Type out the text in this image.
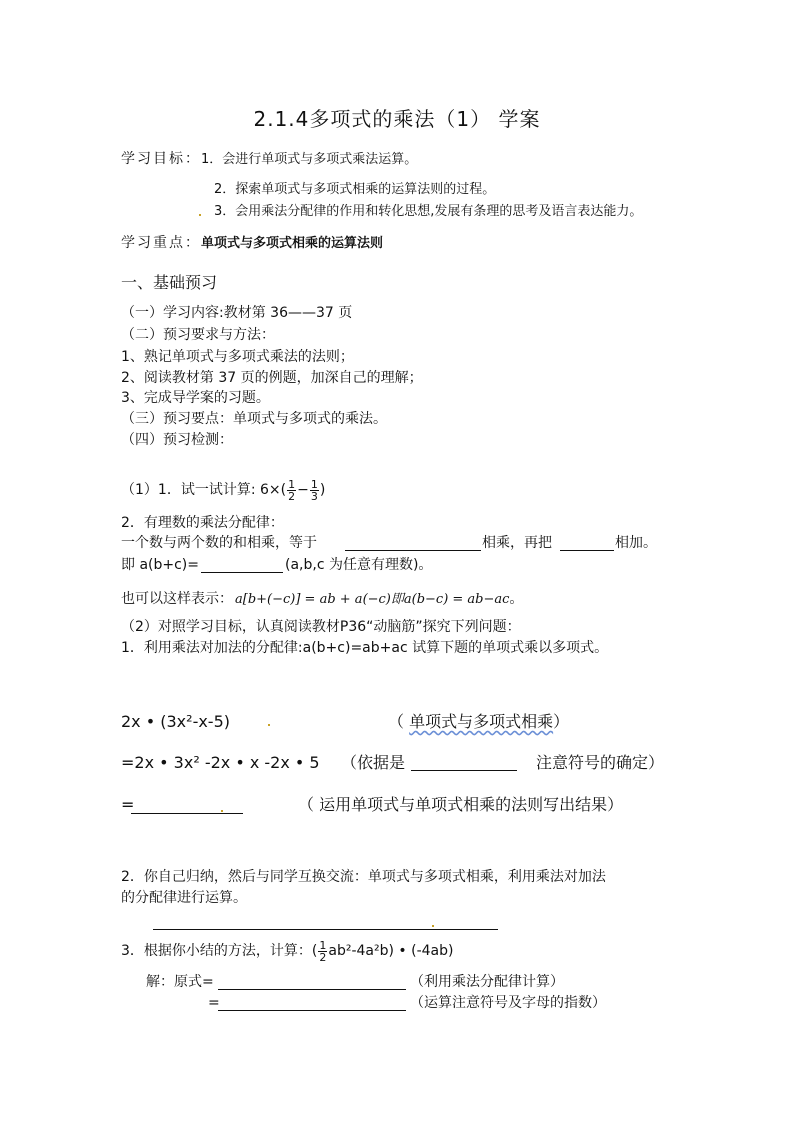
2.1.4多项式的乘法（1） 学案
学习目标：1．会进行单项式与多项式乘法运算。
2．探索单项式与多项式相乘的运算法则的过程。
3．会用乘法分配律的作用和转化思想,发展有条理的思考及语言表达能力。
学习重点：单项式与多项式相乘的运算法则
一、基础预习
（一）学习内容:教材第 36——37 页
（二）预习要求与方法：
1、熟记单项式与多项式乘法的法则；
2、阅读教材第 37 页的例题，加深自己的理解；
3、完成导学案的习题。
（三）预习要点：单项式与多项式的乘法。
（四）预习检测：
（1）1．试一试计算: $6\times( \frac{1}{2} - \frac{1}{3}$ )
2．有理数的乘法分配律：
一个数与两个数的和相乘，等于	相乘，再把	相加。
即 a(b+c)=	(a,b,c 为任意有理数)。
也可以这样表示： a[b+(−c)] = ab + a(−c)即a(b−c) = ab−ac。
（2）对照学习目标，认真阅读教材P36“动脑筋”探究下列问题：
1．利用乘法对加法的分配律:a(b+c)=ab+ac 试算下题的单项式乘以多项式。
2x • (3x²-x-5)	（ 单项式与多项式相乘）
=2x • 3x² -2x • x -2x • 5 （依据是	注意符号的确定）
=	（ 运用单项式与单项式相乘的法则写出结果）
2．你自己归纳，然后与同学互换交流：单项式与多项式相乘，利用乘法对加法
的分配律进行运算。
3．根据你小结的方法，计算：( $\frac{1}{2} ab^2-4a^2b$) • (-4ab)
解：原式=	（利用乘法分配律计算）
=	（运算注意符号及字母的指数）
